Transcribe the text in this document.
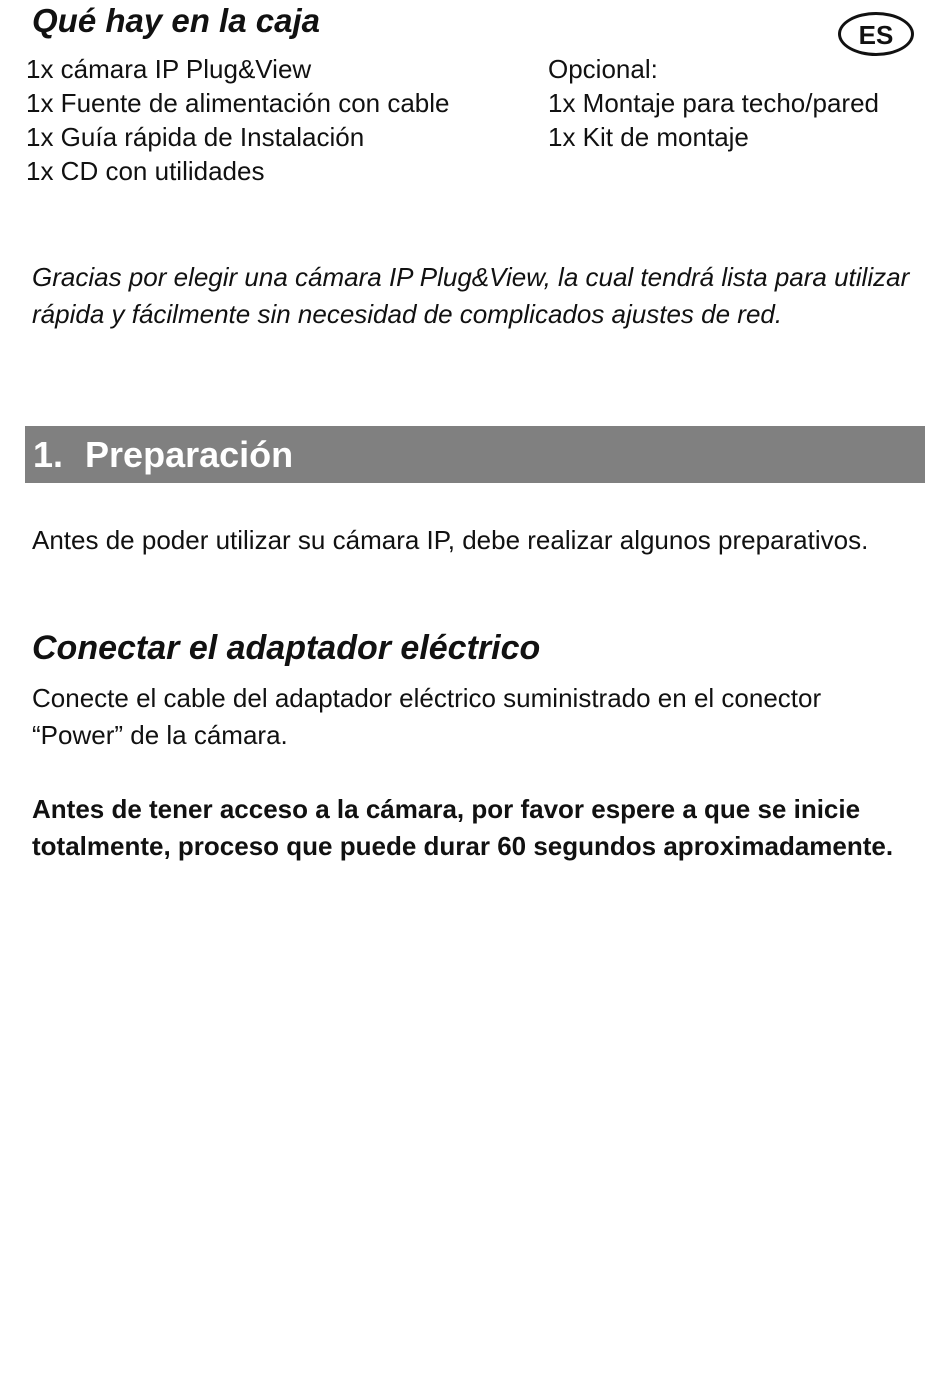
Qué hay en la caja	ES
1x cámara IP Plug&View
1x Fuente de alimentación con cable
1x Guía rápida de Instalación
1x CD con utilidades
Opcional:
1x Montaje para techo/pared
1x Kit de montaje

Gracias por elegir una cámara IP Plug&View, la cual tendrá lista para utilizar rápida y fácilmente sin necesidad de complicados ajustes de red.

1. Preparación

Antes de poder utilizar su cámara IP, debe realizar algunos preparativos.

Conectar el adaptador eléctrico

Conecte el cable del adaptador eléctrico suministrado en el conector “Power” de la cámara.

Antes de tener acceso a la cámara, por favor espere a que se inicie totalmente, proceso que puede durar 60 segundos aproximadamente.
